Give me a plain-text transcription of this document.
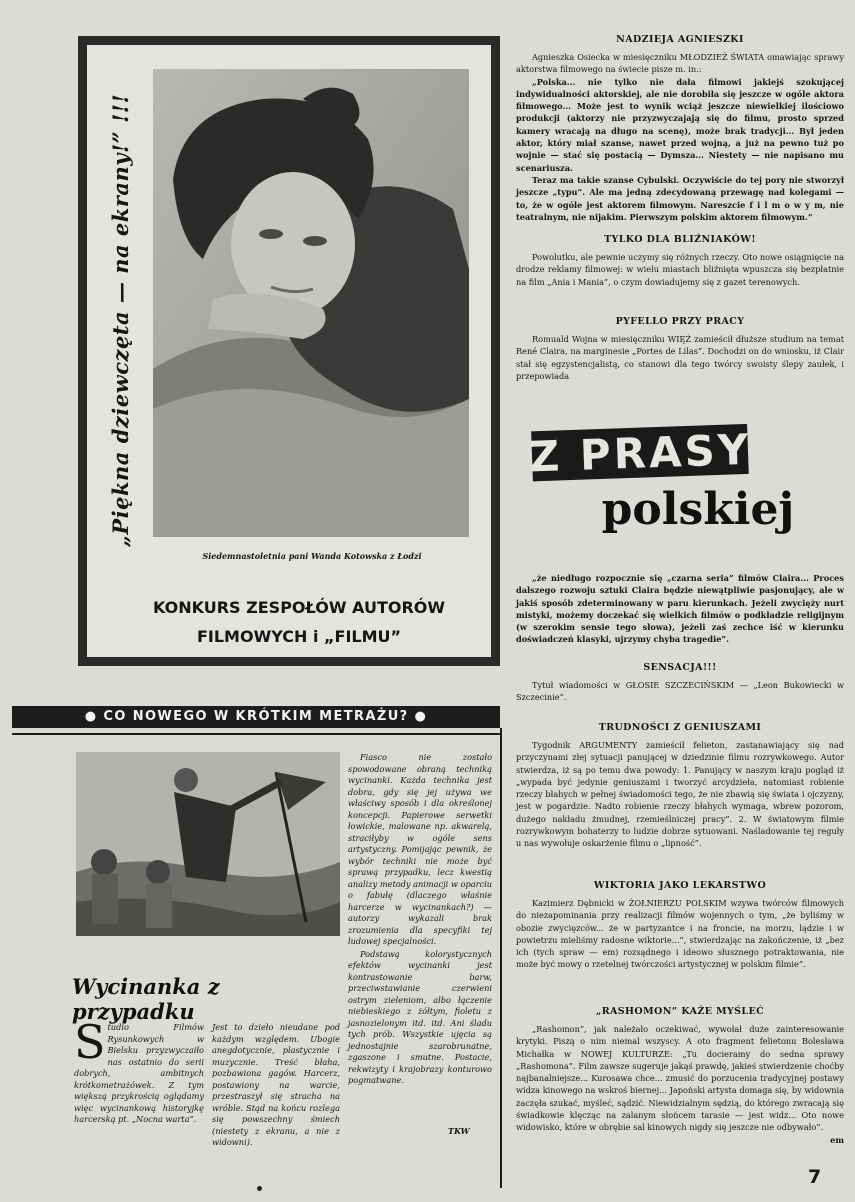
„Piękna dziewczęta — na ekrany!” !!!
Siedemnastoletnia pani Wanda Kotowska z Łodzi
KONKURS ZESPOŁÓW AUTORÓW
FILMOWYCH i „FILMU”
● CO NOWEGO W KRÓTKIM METRAŻU? ●

Fiasco nie zostało spowodowane obraną techniką wycinanki. Każda technika jest dobra, gdy się jej używa we właściwy sposób i dla określonej koncepcji. Papierowe serwetki łowickie, malowane np. akwarelą, straciłyby w ogóle sens artystyczny. Pomijając pewnik, że wybór techniki nie może być sprawą przypadku, lecz kwestią analizy metody animacji w oparciu o fabułę (dlaczego właśnie harcerze w wycinankach?) — autorzy wykazali brak zrozumienia dla specyfiki tej ludowej specjalności.

Podstawą kolorystycznych efektów wycinanki jest kontrastowanie barw, przeciwstawianie czerwieni ostrym zieleniom, albo łączenie niebieskiego z żółtym, fioletu z jasnozielonym itd. itd. Ani śladu tych prób. Wszystkie ujęcia są jednostajnie szarobrunatne, zgaszone i smutne. Postacie, rekwizyty i krajobrazy konturowo pogmatwane.

Wycinanka z przypadku

Studio Filmów Rysunkowych w Bielsku przyzwyczaiło nas ostatnio do serii dobrych, ambitnych krótkometrażówek. Z tym większą przykrością oglądamy więc wycinankową historyjkę harcerską pt. „Nocna warta”.

Jest to dzieło nieudane pod każdym względem. Ubogie anegdotycznie, plastycznie i muzycznie. Treść błaha, pozbawiona gagów. Harcerz, postawiony na warcie, przestraszył się stracha na wróble. Stąd na końcu rozlega się powszechny śmiech (niestety z ekranu, a nie z widowni).

TKW
NADZIEJA AGNIESZKI

Agnieszka Osiecka w miesięczniku MŁODZIEŻ ŚWIATA omawiając sprawy aktorstwa filmowego na świecie pisze m. in.:

„Polska... nie tylko nie dała filmowi jakiejś szokującej indywidualności aktorskiej, ale nie dorobiła się jeszcze w ogóle aktora filmowego... Może jest to wynik wciąż jeszcze niewielkiej ilościowo produkcji (aktorzy nie przyzwyczajają się do filmu, prosto sprzed kamery wracają na długo na scenę), może brak tradycji... Był jeden aktor, który miał szanse, nawet przed wojną, a już na pewno tuż po wojnie — stać się postacią — Dymsza... Niestety — nie napisano mu scenariusza.

Teraz ma takie szanse Cybulski. Oczywiście do tej pory nie stworzył jeszcze „typu”. Ale ma jedną zdecydowaną przewagę nad kolegami — to, że w ogóle jest aktorem filmowym. Nareszcie f i l m o w y m, nie teatralnym, nie nijakim. Pierwszym polskim aktorem filmowym.”

TYLKO DLA BLIŹNIAKÓW!

Powolutku, ale pewnie uczymy się różnych rzeczy. Oto nowe osiągnięcie na drodze reklamy filmowej: w wielu miastach bliźnięta wpuszcza się bezpłatnie na film „Ania i Mania”, o czym dowiadujemy się z gazet terenowych.

PYFELLO PRZY PRACY

Romuald Wojna w miesięczniku WIĘŹ zamieścił dłuższe studium na temat René Claira, na marginesie „Portes de Lilas”. Dochodzi on do wniosku, iż Clair stał się egzystencjalistą, co stanowi dla tego twórcy swoisty ślepy zaułek, i przepowiada

Z PRASY
polskiej

„że niedługo rozpocznie się „czarna seria” filmów Claira... Proces dalszego rozwoju sztuki Claira będzie niewątpliwie pasjonujący, ale w jakiś sposób zdeterminowany w paru kierunkach. Jeżeli zwycięży nurt mistyki, możemy doczekać się wielkich filmów o podkładzie religijnym (w szerokim sensie tego słowa), jeżeli zaś zechce iść w kierunku doświadczeń klasyki, ujrzymy chyba tragedie”.

SENSACJA!!!

Tytuł wiadomości w GŁOSIE SZCZECIŃSKIM — „Leon Bukowiecki w Szczecinie”.

TRUDNOŚCI Z GENIUSZAMI

Tygodnik ARGUMENTY zamieścił felieton, zastanawiający się nad przyczynami złej sytuacji panującej w dziedzinie filmu rozrywkowego. Autor stwierdza, iż są po temu dwa powody: 1. Panujący w naszym kraju pogląd iż „wypada być jedynie geniuszami i tworzyć arcydzieła, natomiast robienie rzeczy błahych w pełnej świadomości tego, że nie zbawią się świata i ojczyzny, jest w pogardzie. Nadto robienie rzeczy błahych wymaga, wbrew pozorom, dużego nakładu żmudnej, rzemieślniczej pracy”. 2. W światowym filmie rozrywkowym bohaterzy to ludzie dobrze sytuowani. Naśladowanie tej reguły u nas wywołuje oskarżenie filmu o „lipność”.

WIKTORIA JAKO LEKARSTWO

Kazimierz Dębnicki w ŻOŁNIERZU POLSKIM wzywa twórców filmowych do niezapominania przy realizacji filmów wojennych o tym, „że byliśmy w obozie zwycięzców... że w partyzantce i na froncie, na morzu, lądzie i w powietrzu mieliśmy radosne wiktorie...”, stwierdzając na zakończenie, iż „bez ich (tych spraw — em) rozsądnego i ideowo słusznego potraktowania, nie może być mowy o rzetelnej twórczości artystycznej w polskim filmie”.

„RASHOMON” KAŻE MYŚLEĆ

„Rashomon”, jak należało oczekiwać, wywołał duże zainteresowanie krytyki. Piszą o nim niemal wszyscy. A oto fragment felietonu Bolesława Michałka w NOWEJ KULTURZE: „Tu docieramy do sedna sprawy „Rashomona”. Film zawsze sugeruje jakąś prawdę, jakieś stwierdzenie choćby najbanalniejsze... Kurosawa chce... zmusić do porzucenia tradycyjnej postawy widza kinowego na wskroś biernej... Japoński artysta domaga się, by widownia zaczęła szukać, myśleć, sądzić. Niewidzialnym sędzią, do którego zwracają się świadkowie klęcząc na zalanym słońcem tarasie — jest widz... Oto nowe widowisko, które w obrębie sal kinowych nigdy się jeszcze nie odbywało”.

em

7
